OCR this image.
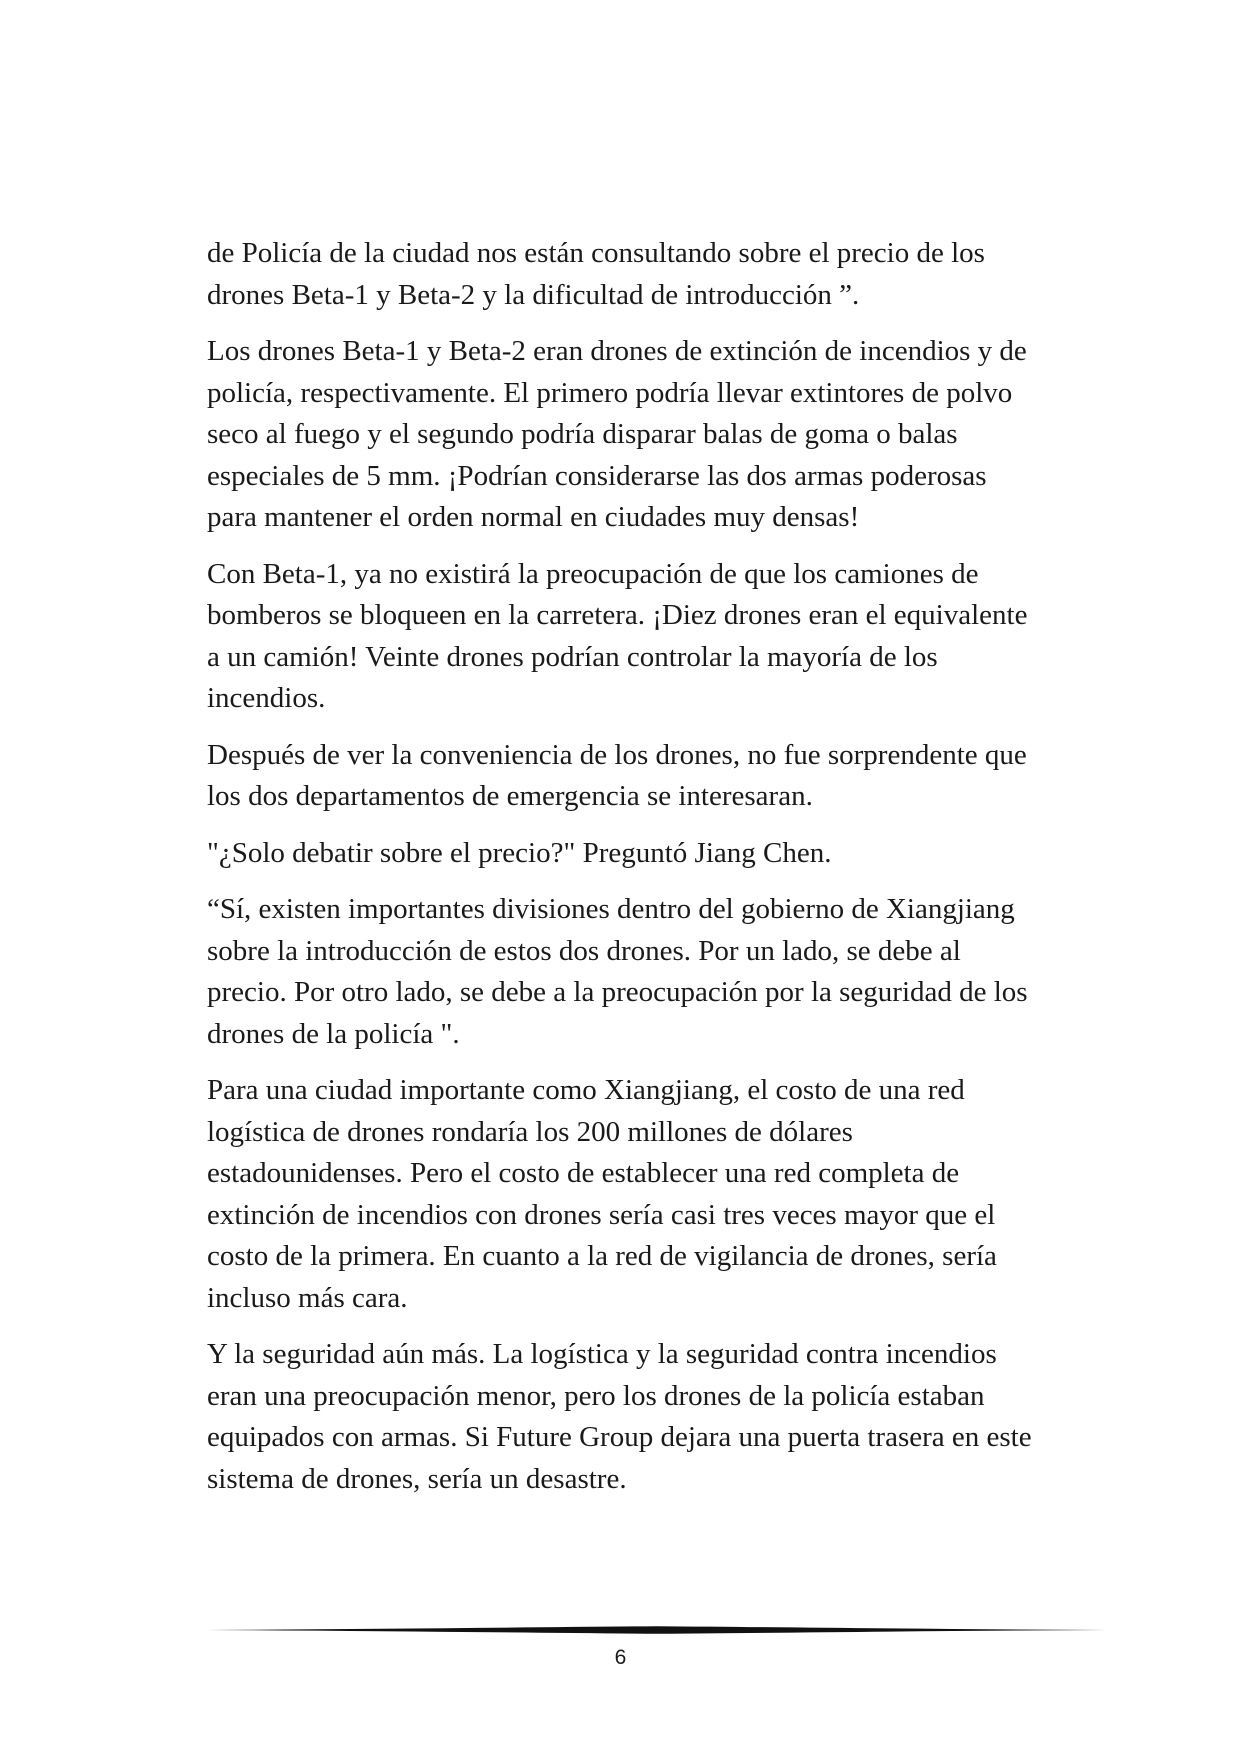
de Policía de la ciudad nos están consultando sobre el precio de los
drones Beta-1 y Beta-2 y la dificultad de introducción ”.

Los drones Beta-1 y Beta-2 eran drones de extinción de incendios y de
policía, respectivamente. El primero podría llevar extintores de polvo
seco al fuego y el segundo podría disparar balas de goma o balas
especiales de 5 mm. ¡Podrían considerarse las dos armas poderosas
para mantener el orden normal en ciudades muy densas!

Con Beta-1, ya no existirá la preocupación de que los camiones de
bomberos se bloqueen en la carretera. ¡Diez drones eran el equivalente
a un camión! Veinte drones podrían controlar la mayoría de los
incendios.

Después de ver la conveniencia de los drones, no fue sorprendente que
los dos departamentos de emergencia se interesaran.

"¿Solo debatir sobre el precio?" Preguntó Jiang Chen.

“Sí, existen importantes divisiones dentro del gobierno de Xiangjiang
sobre la introducción de estos dos drones. Por un lado, se debe al
precio. Por otro lado, se debe a la preocupación por la seguridad de los
drones de la policía ".

Para una ciudad importante como Xiangjiang, el costo de una red
logística de drones rondaría los 200 millones de dólares
estadounidenses. Pero el costo de establecer una red completa de
extinción de incendios con drones sería casi tres veces mayor que el
costo de la primera. En cuanto a la red de vigilancia de drones, sería
incluso más cara.

Y la seguridad aún más. La logística y la seguridad contra incendios
eran una preocupación menor, pero los drones de la policía estaban
equipados con armas. Si Future Group dejara una puerta trasera en este
sistema de drones, sería un desastre.

6
